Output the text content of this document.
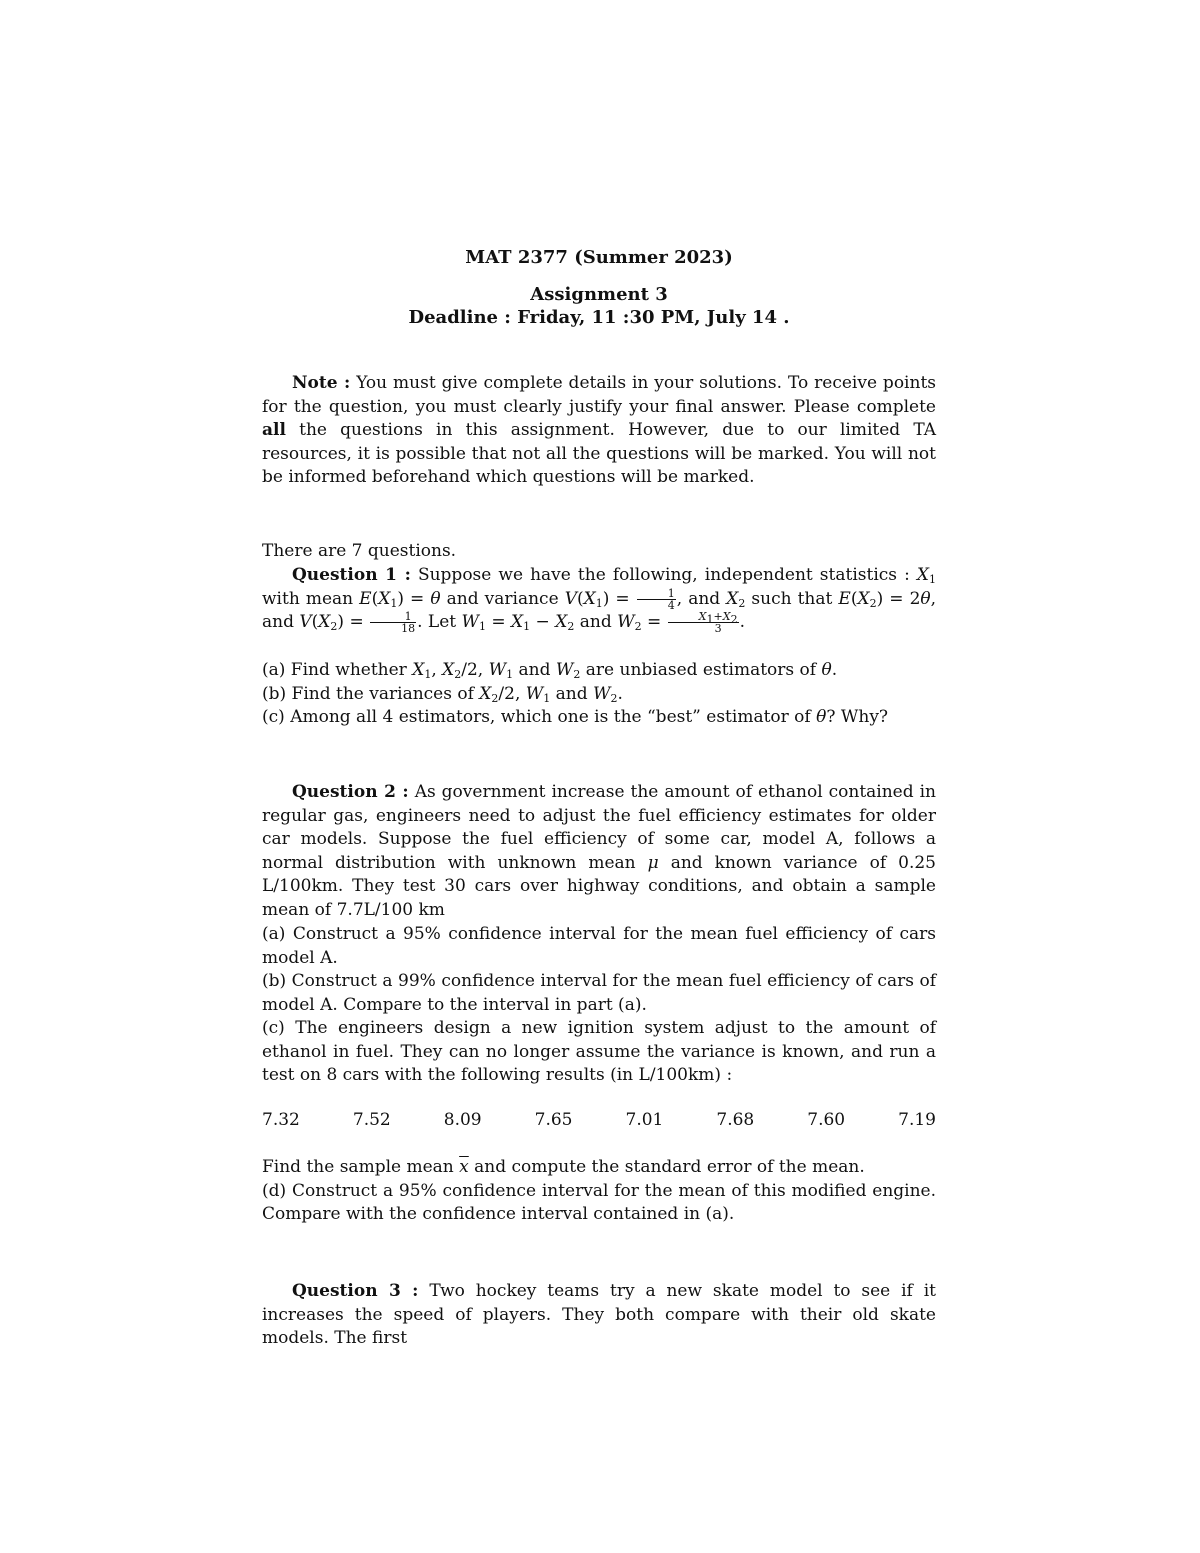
MAT 2377 (Summer 2023)
Assignment 3
Deadline : Friday, 11 :30 PM, July 14 .
Note : You must give complete details in your solutions. To receive points for the question, you must clearly justify your final answer. Please complete all the questions in this assignment. However, due to our limited TA resources, it is possible that not all the questions will be marked. You will not be informed beforehand which questions will be marked.
There are 7 questions.
Question 1 : Suppose we have the following, independent statistics : $X_1$ with mean $E(X_1) = \theta$ and variance $V(X_1) = \frac{1}{4}$ , and $X_2$ such that $E(X_2) = 2\theta$, and $V(X_2) = \frac{1}{18}$ . Let $W_1 = X_1 - X_2$ and $W_2 = \frac{X_1+X_2}{3}$ .
(a) Find whether $X_1$, $X_2/2$, $W_1$ and $W_2$ are unbiased estimators of θ.
(b) Find the variances of $X_2/2$, $W_1$ and $W_2$.
(c) Among all 4 estimators, which one is the “best” estimator of θ? Why?
Question 2 : As government increase the amount of ethanol contained in regular gas, engineers need to adjust the fuel efficiency estimates for older car models. Suppose the fuel efficiency of some car, model A, follows a normal distribution with unknown mean μ and known variance of 0.25 L/100km. They test 30 cars over highway conditions, and obtain a sample mean of 7.7L/100 km
(a) Construct a 95% confidence interval for the mean fuel efficiency of cars model A.
(b) Construct a 99% confidence interval for the mean fuel efficiency of cars of model A. Compare to the interval in part (a).
(c) The engineers design a new ignition system adjust to the amount of ethanol in fuel. They can no longer assume the variance is known, and run a test on 8 cars with the following results (in L/100km) :
7.32	7.52	8.09	7.65	7.01	7.68	7.60	7.19
Find the sample mean $\overline{x}$ and compute the standard error of the mean.
(d) Construct a 95% confidence interval for the mean of this modified engine. Compare with the confidence interval contained in (a).
Question 3 : Two hockey teams try a new skate model to see if it increases the speed of players. They both compare with their old skate models. The first
